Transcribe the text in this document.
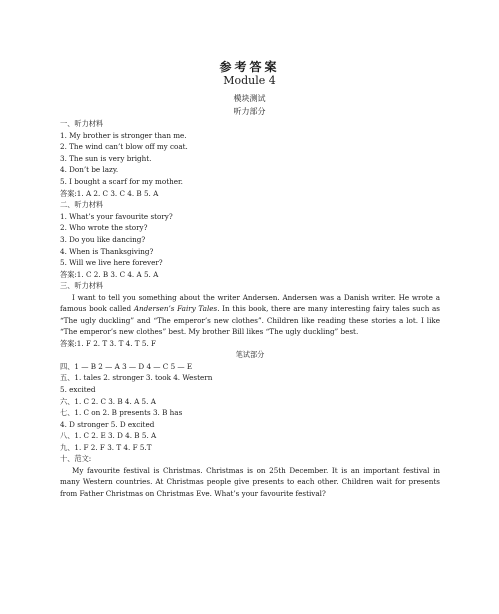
参考答案
Module 4
模块测试
听力部分
一、听力材料
1. My brother is stronger than me.
2. The wind can’t blow off my coat.
3. The sun is very bright.
4. Don’t be lazy.
5. I bought a scarf for my mother.
答案:1. A 2. C 3. C 4. B 5. A
二、听力材料
1. What’s your favourite story?
2. Who wrote the story?
3. Do you like dancing?
4. When is Thanksgiving?
5. Will we live here forever?
答案:1. C 2. B 3. C 4. A 5. A
三、听力材料
I want to tell you something about the writer Andersen. Andersen was a Danish writer. He wrote a famous book called Andersen’s Fairy Tales. In this book, there are many interesting fairy tales such as “The ugly duckling” and “The emperor’s new clothes”. Children like reading these stories a lot. I like “The emperor’s new clothes” best. My brother Bill likes “The ugly duckling” best.
答案:1. F 2. T 3. T 4. T 5. F
笔试部分
四、1 — B 2 — A 3 — D 4 — C 5 — E
五、1. tales 2. stronger 3. took 4. Western
5. excited
六、1. C 2. C 3. B 4. A 5. A
七、1. C on 2. B presents 3. B has
4. D stronger 5. D excited
八、1. C 2. E 3. D 4. B 5. A
九、1. F 2. F 3. T 4. F 5.T
十、范文:
My favourite festival is Christmas. Christmas is on 25th December. It is an important festival in many Western countries. At Christmas people give presents to each other. Children wait for presents from Father Christmas on Christmas Eve. What’s your favourite festival?
